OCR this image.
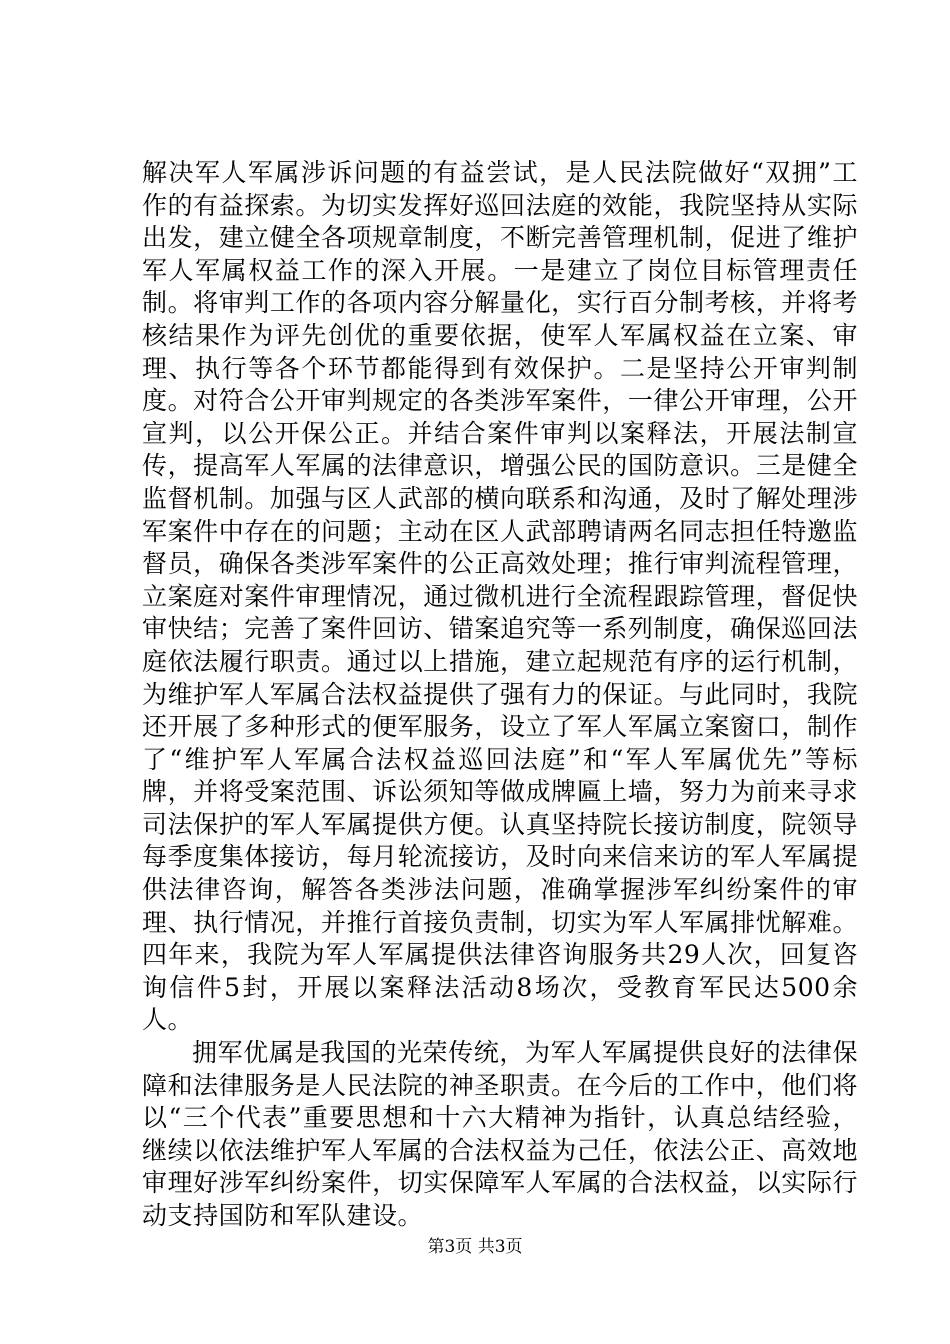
解决军人军属涉诉问题的有益尝试，是人民法院做好“双拥”工作的有益探索。为切实发挥好巡回法庭的效能，我院坚持从实际出发，建立健全各项规章制度，不断完善管理机制，促进了维护军人军属权益工作的深入开展。一是建立了岗位目标管理责任制。将审判工作的各项内容分解量化，实行百分制考核，并将考核结果作为评先创优的重要依据，使军人军属权益在立案、审理、执行等各个环节都能得到有效保护。二是坚持公开审判制度。对符合公开审判规定的各类涉军案件，一律公开审理，公开宣判，以公开保公正。并结合案件审判以案释法，开展法制宣传，提高军人军属的法律意识，增强公民的国防意识。三是健全监督机制。加强与区人武部的横向联系和沟通，及时了解处理涉军案件中存在的问题；主动在区人武部聘请两名同志担任特邀监督员，确保各类涉军案件的公正高效处理；推行审判流程管理，立案庭对案件审理情况，通过微机进行全流程跟踪管理，督促快审快结；完善了案件回访、错案追究等一系列制度，确保巡回法庭依法履行职责。通过以上措施，建立起规范有序的运行机制，为维护军人军属合法权益提供了强有力的保证。与此同时，我院还开展了多种形式的便军服务，设立了军人军属立案窗口，制作了“维护军人军属合法权益巡回法庭”和“军人军属优先”等标牌，并将受案范围、诉讼须知等做成牌匾上墙，努力为前来寻求司法保护的军人军属提供方便。认真坚持院长接访制度，院领导每季度集体接访，每月轮流接访，及时向来信来访的军人军属提供法律咨询，解答各类涉法问题，准确掌握涉军纠纷案件的审理、执行情况，并推行首接负责制，切实为军人军属排忧解难。四年来，我院为军人军属提供法律咨询服务共29人次，回复咨询信件5封，开展以案释法活动8场次，受教育军民达500余人。

拥军优属是我国的光荣传统，为军人军属提供良好的法律保障和法律服务是人民法院的神圣职责。在今后的工作中，他们将以“三个代表”重要思想和十六大精神为指针，认真总结经验，继续以依法维护军人军属的合法权益为己任，依法公正、高效地审理好涉军纠纷案件，切实保障军人军属的合法权益，以实际行动支持国防和军队建设。

第3页 共3页
